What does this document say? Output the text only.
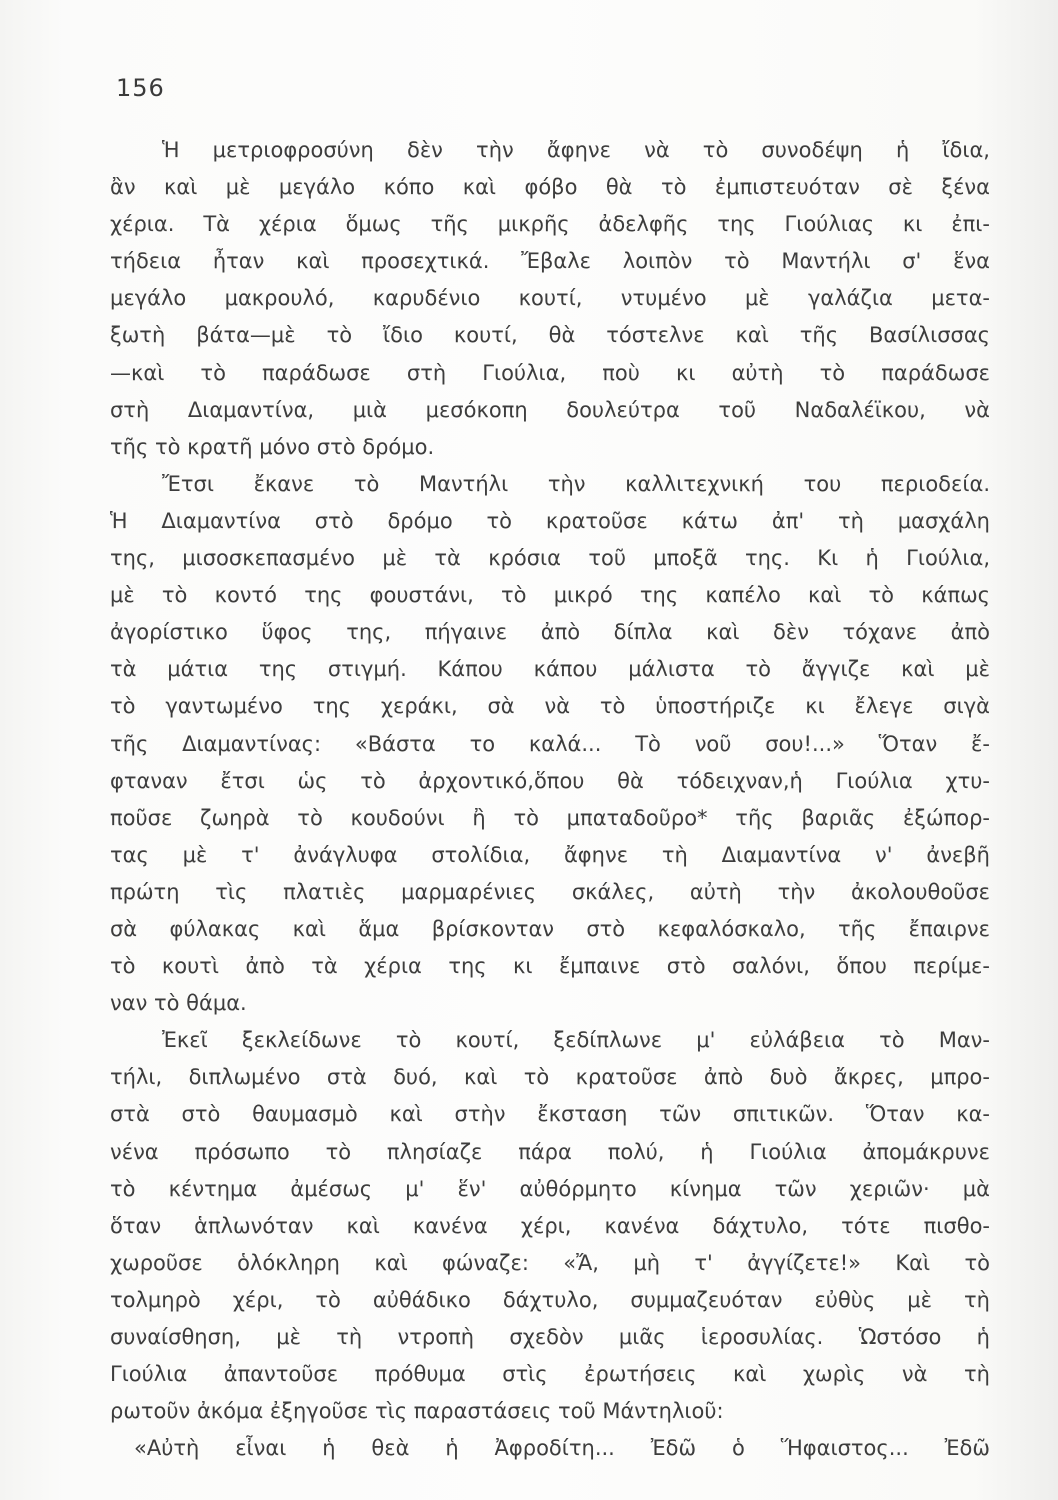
156
Ἡ μετριοφροσύνη δὲν τὴν ἄφηνε νὰ τὸ συνοδέψη ἡ ἴδια,
ἂν καὶ μὲ μεγάλο κόπο καὶ φόβο θὰ τὸ ἐμπιστευόταν σὲ ξένα
χέρια. Τὰ χέρια ὅμως τῆς μικρῆς ἀδελφῆς της Γιούλιας κι ἐπι-
τήδεια ἦταν καὶ προσεχτικά. Ἔβαλε λοιπὸν τὸ Μαντήλι σ' ἕνα
μεγάλο μακρουλό, καρυδένιο κουτί, ντυμένο μὲ γαλάζια μετα-
ξωτὴ βάτα—μὲ τὸ ἴδιο κουτί, θὰ τόστελνε καὶ τῆς Βασίλισσας
—καὶ τὸ παράδωσε στὴ Γιούλια, ποὺ κι αὐτὴ τὸ παράδωσε
στὴ Διαμαντίνα, μιὰ μεσόκοπη δουλεύτρα τοῦ Ναδαλέϊκου, νὰ
τῆς τὸ κρατῆ μόνο στὸ δρόμο.
Ἔτσι ἔκανε τὸ Μαντήλι τὴν καλλιτεχνική του περιοδεία.
Ἡ Διαμαντίνα στὸ δρόμο τὸ κρατοῦσε κάτω ἀπ' τὴ μασχάλη
της, μισοσκεπασμένο μὲ τὰ κρόσια τοῦ μποξᾶ της. Κι ἡ Γιούλια,
μὲ τὸ κοντό της φουστάνι, τὸ μικρό της καπέλο καὶ τὸ κάπως
ἀγορίστικο ὕφος της, πήγαινε ἀπὸ δίπλα καὶ δὲν τόχανε ἀπὸ
τὰ μάτια της στιγμή. Κάπου κάπου μάλιστα τὸ ἄγγιζε καὶ μὲ
τὸ γαντωμένο της χεράκι, σὰ νὰ τὸ ὑποστήριζε κι ἔλεγε σιγὰ
τῆς Διαμαντίνας: «Βάστα το καλά... Τὸ νοῦ σου!...» Ὅταν ἔ-
φταναν ἔτσι ὡς τὸ ἀρχοντικό,ὅπου θὰ τόδειχναν,ἡ Γιούλια χτυ-
ποῦσε ζωηρὰ τὸ κουδούνι ἢ τὸ μπαταδοῦρο* τῆς βαριᾶς ἐξώπορ-
τας μὲ τ' ἀνάγλυφα στολίδια, ἄφηνε τὴ Διαμαντίνα ν' ἀνεβῆ
πρώτη τὶς πλατιὲς μαρμαρένιες σκάλες, αὐτὴ τὴν ἀκολουθοῦσε
σὰ φύλακας καὶ ἅμα βρίσκονταν στὸ κεφαλόσκαλο, τῆς ἔπαιρνε
τὸ κουτὶ ἀπὸ τὰ χέρια της κι ἔμπαινε στὸ σαλόνι, ὅπου περίμε-
ναν τὸ θάμα.
Ἐκεῖ ξεκλείδωνε τὸ κουτί, ξεδίπλωνε μ' εὐλάβεια τὸ Μαν-
τήλι, διπλωμένο στὰ δυό, καὶ τὸ κρατοῦσε ἀπὸ δυὸ ἄκρες, μπρο-
στὰ στὸ θαυμασμὸ καὶ στὴν ἔκσταση τῶν σπιτικῶν. Ὅταν κα-
νένα πρόσωπο τὸ πλησίαζε πάρα πολύ, ἡ Γιούλια ἀπομάκρυνε
τὸ κέντημα ἀμέσως μ' ἕν' αὐθόρμητο κίνημα τῶν χεριῶν· μὰ
ὅταν ἁπλωνόταν καὶ κανένα χέρι, κανένα δάχτυλο, τότε πισθο-
χωροῦσε ὁλόκληρη καὶ φώναζε: «Ἄ, μὴ τ' ἀγγίζετε!» Καὶ τὸ
τολμηρὸ χέρι, τὸ αὐθάδικο δάχτυλο, συμμαζευόταν εὐθὺς μὲ τὴ
συναίσθηση, μὲ τὴ ντροπὴ σχεδὸν μιᾶς ἱεροσυλίας. Ὡστόσο ἡ
Γιούλια ἀπαντοῦσε πρόθυμα στὶς ἐρωτήσεις καὶ χωρὶς νὰ τὴ
ρωτοῦν ἀκόμα ἐξηγοῦσε τὶς παραστάσεις τοῦ Μάντηλιοῦ:
«Αὐτὴ εἶναι ἡ θεὰ ἡ Ἀφροδίτη... Ἐδῶ ὁ Ἥφαιστος... Ἐδῶ
